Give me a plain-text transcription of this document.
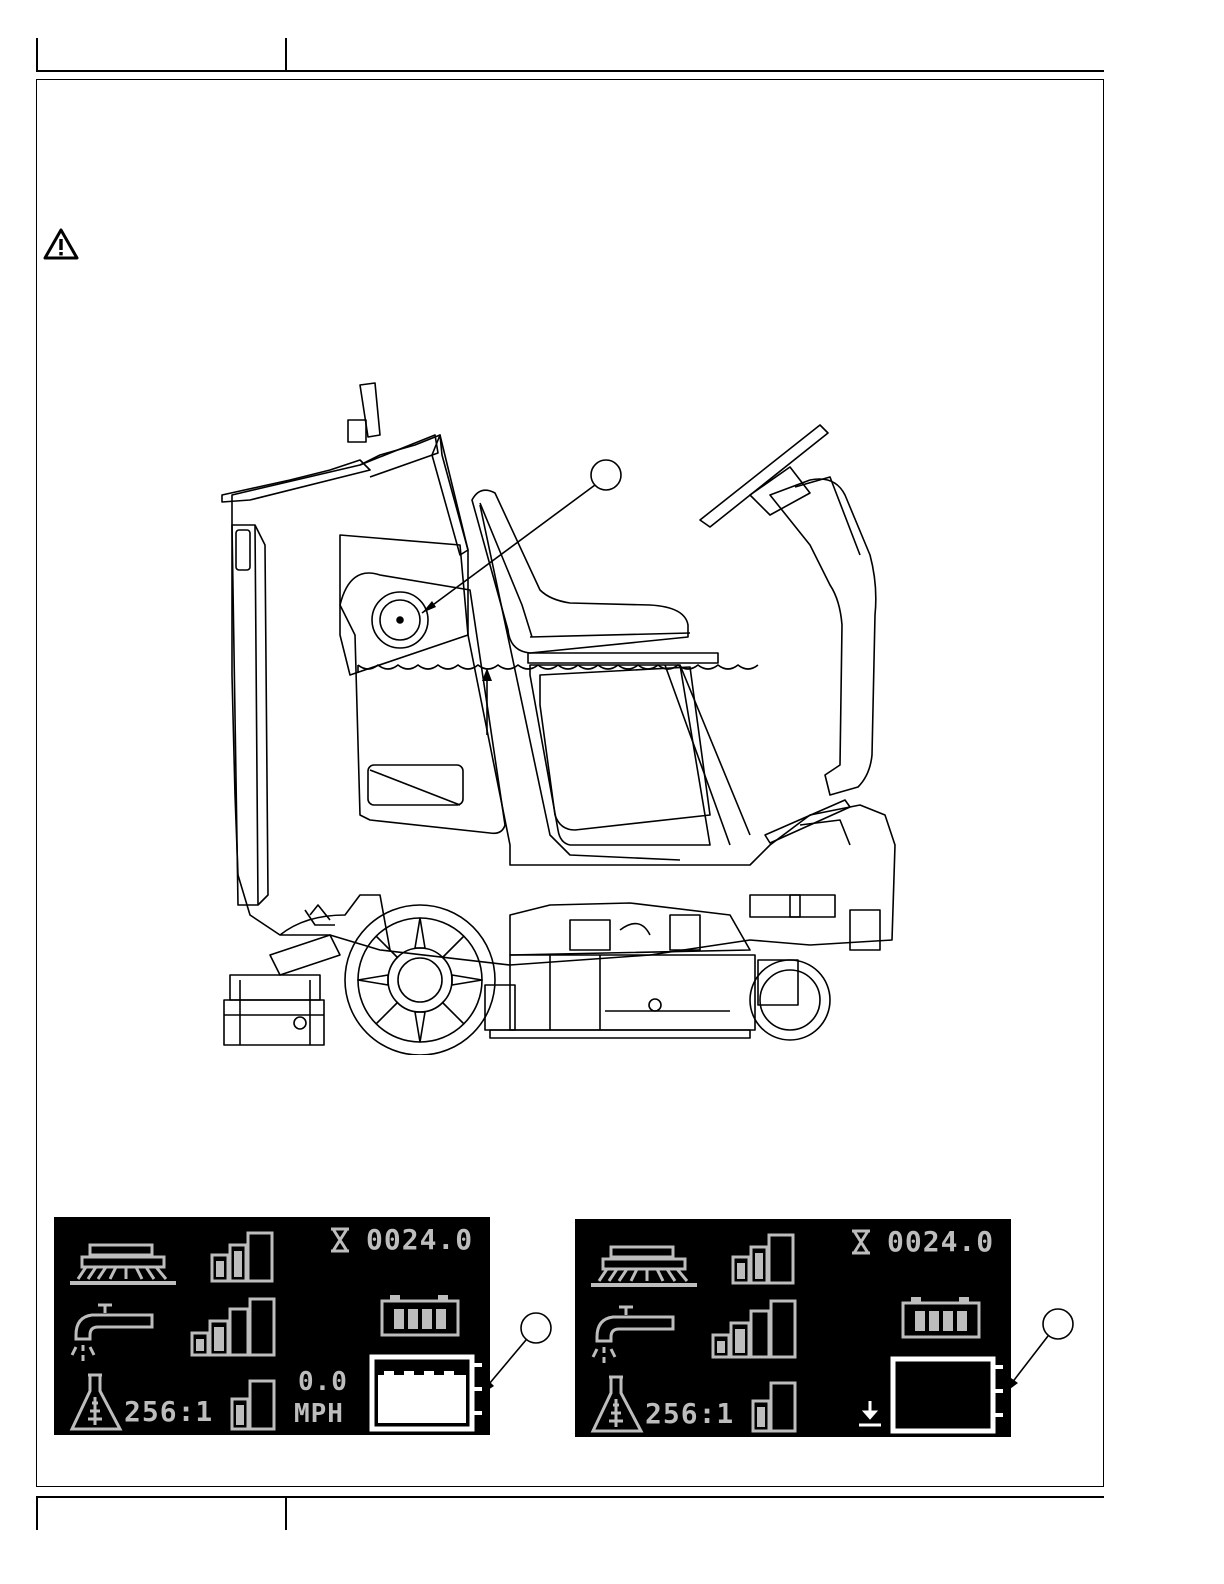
0024.0
256:1
0.0
MPH
0024.0
256:1
